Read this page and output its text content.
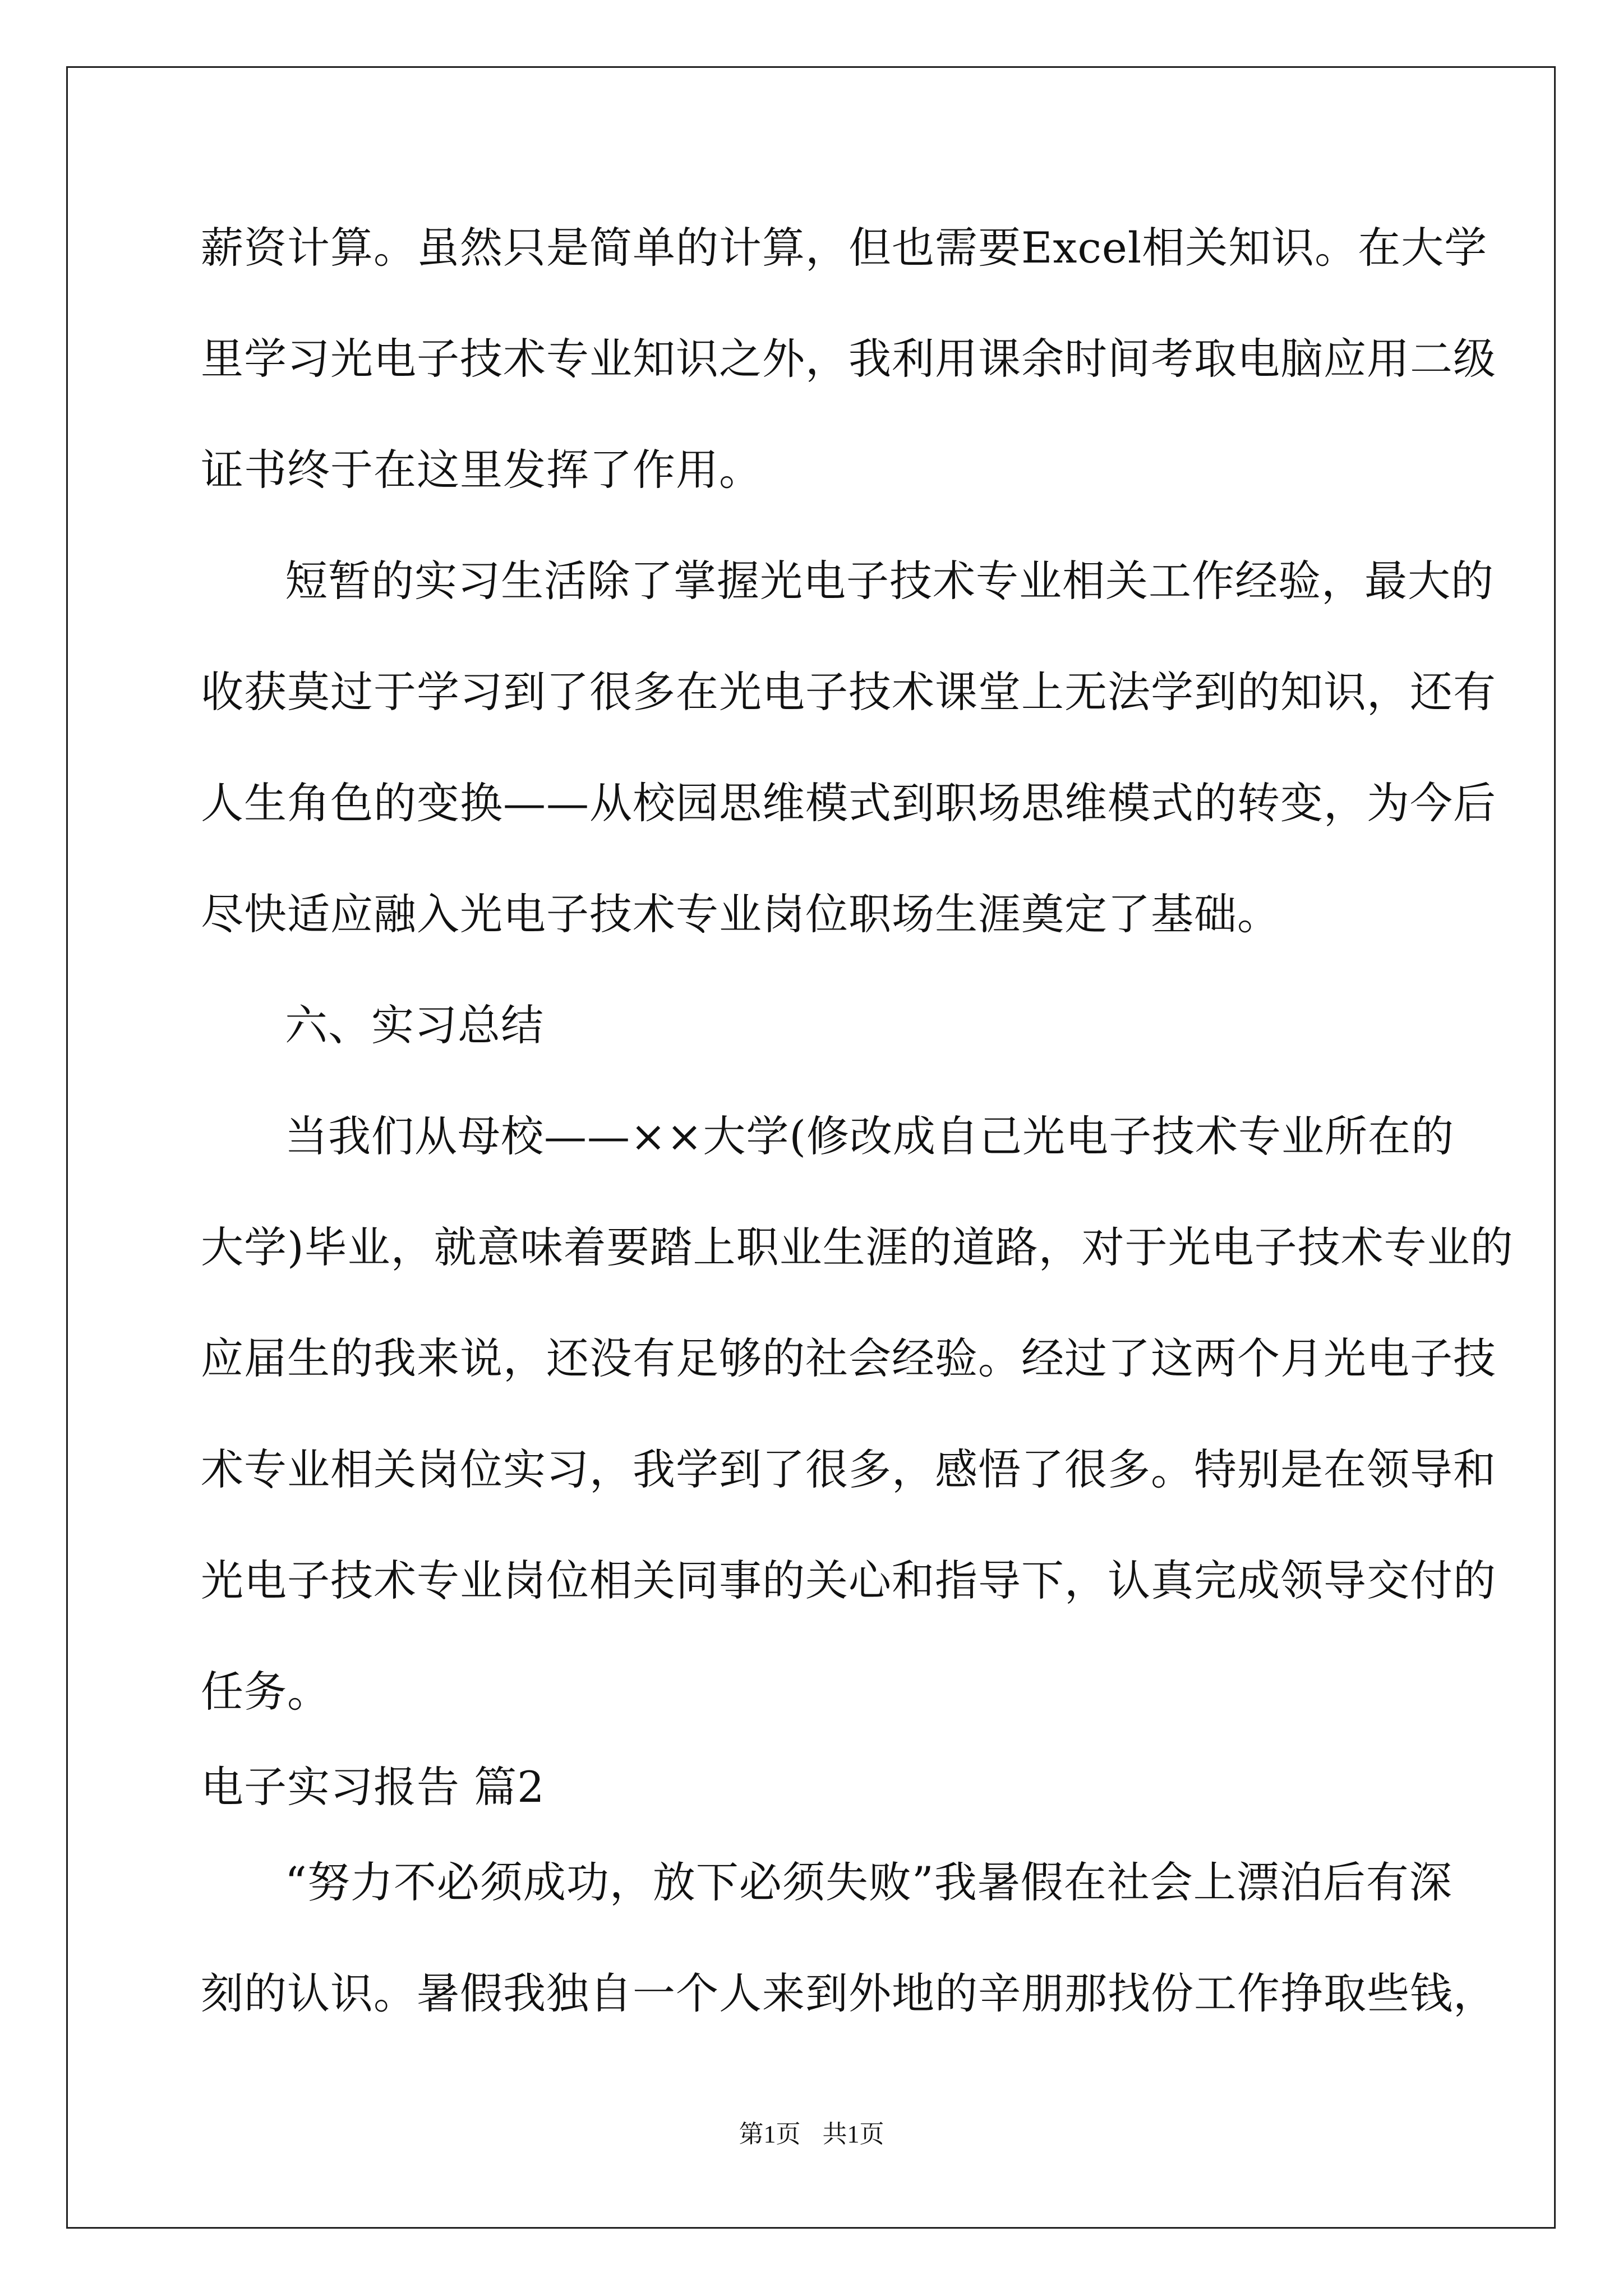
薪资计算。虽然只是简单的计算，但也需要Excel相关知识。在大学
里学习光电子技术专业知识之外，我利用课余时间考取电脑应用二级
证书终于在这里发挥了作用。
短暂的实习生活除了掌握光电子技术专业相关工作经验，最大的
收获莫过于学习到了很多在光电子技术课堂上无法学到的知识，还有
人生角色的变换——从校园思维模式到职场思维模式的转变，为今后
尽快适应融入光电子技术专业岗位职场生涯奠定了基础。
六、实习总结
当我们从母校——××大学(修改成自己光电子技术专业所在的
大学)毕业，就意味着要踏上职业生涯的道路，对于光电子技术专业的
应届生的我来说，还没有足够的社会经验。经过了这两个月光电子技
术专业相关岗位实习，我学到了很多，感悟了很多。特别是在领导和
光电子技术专业岗位相关同事的关心和指导下，认真完成领导交付的
任务。
电子实习报告 篇2
“努力不必须成功，放下必须失败”我暑假在社会上漂泊后有深
刻的认识。暑假我独自一个人来到外地的辛朋那找份工作挣取些钱，
第1页 共1页
